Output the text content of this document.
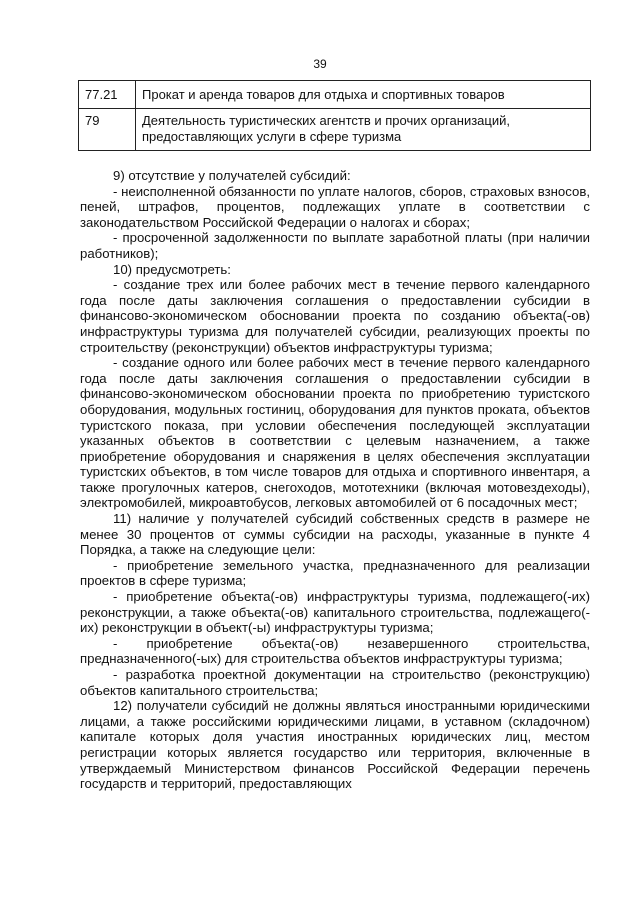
39
77.21	Прокат и аренда товаров для отдыха и спортивных товаров
79	Деятельность туристических агентств и прочих организаций, предоставляющих услуги в сфере туризма

9) отсутствие у получателей субсидий:

- неисполненной обязанности по уплате налогов, сборов, страховых взносов, пеней, штрафов, процентов, подлежащих уплате в соответствии с законодательством Российской Федерации о налогах и сборах;

- просроченной задолженности по выплате заработной платы (при наличии работников);

10) предусмотреть:

- создание трех или более рабочих мест в течение первого календарного года после даты заключения соглашения о предоставлении субсидии в финансово-экономическом обосновании проекта по созданию объекта(-ов) инфраструктуры туризма для получателей субсидии, реализующих проекты по строительству (реконструкции) объектов инфраструктуры туризма;

- создание одного или более рабочих мест в течение первого календарного года после даты заключения соглашения о предоставлении субсидии в финансово-экономическом обосновании проекта по приобретению туристского оборудования, модульных гостиниц, оборудования для пунктов проката, объектов туристского показа, при условии обеспечения последующей эксплуатации указанных объектов в соответствии с целевым назначением, а также приобретение оборудования и снаряжения в целях обеспечения эксплуатации туристских объектов, в том числе товаров для отдыха и спортивного инвентаря, а также прогулочных катеров, снегоходов, мототехники (включая мотовездеходы), электромобилей, микроавтобусов, легковых автомобилей от 6 посадочных мест;

11) наличие у получателей субсидий собственных средств в размере не менее 30 процентов от суммы субсидии на расходы, указанные в пункте 4 Порядка, а также на следующие цели:

- приобретение земельного участка, предназначенного для реализации проектов в сфере туризма;

- приобретение объекта(-ов) инфраструктуры туризма, подлежащего(-их) реконструкции, а также объекта(-ов) капитального строительства, подлежащего(-их) реконструкции в объект(-ы) инфраструктуры туризма;

- приобретение объекта(-ов) незавершенного строительства, предназначенного(-ых) для строительства объектов инфраструктуры туризма;

- разработка проектной документации на строительство (реконструкцию) объектов капитального строительства;

12) получатели субсидий не должны являться иностранными юридическими лицами, а также российскими юридическими лицами, в уставном (складочном) капитале которых доля участия иностранных юридических лиц, местом регистрации которых является государство или территория, включенные в утверждаемый Министерством финансов Российской Федерации перечень государств и территорий, предоставляющих
